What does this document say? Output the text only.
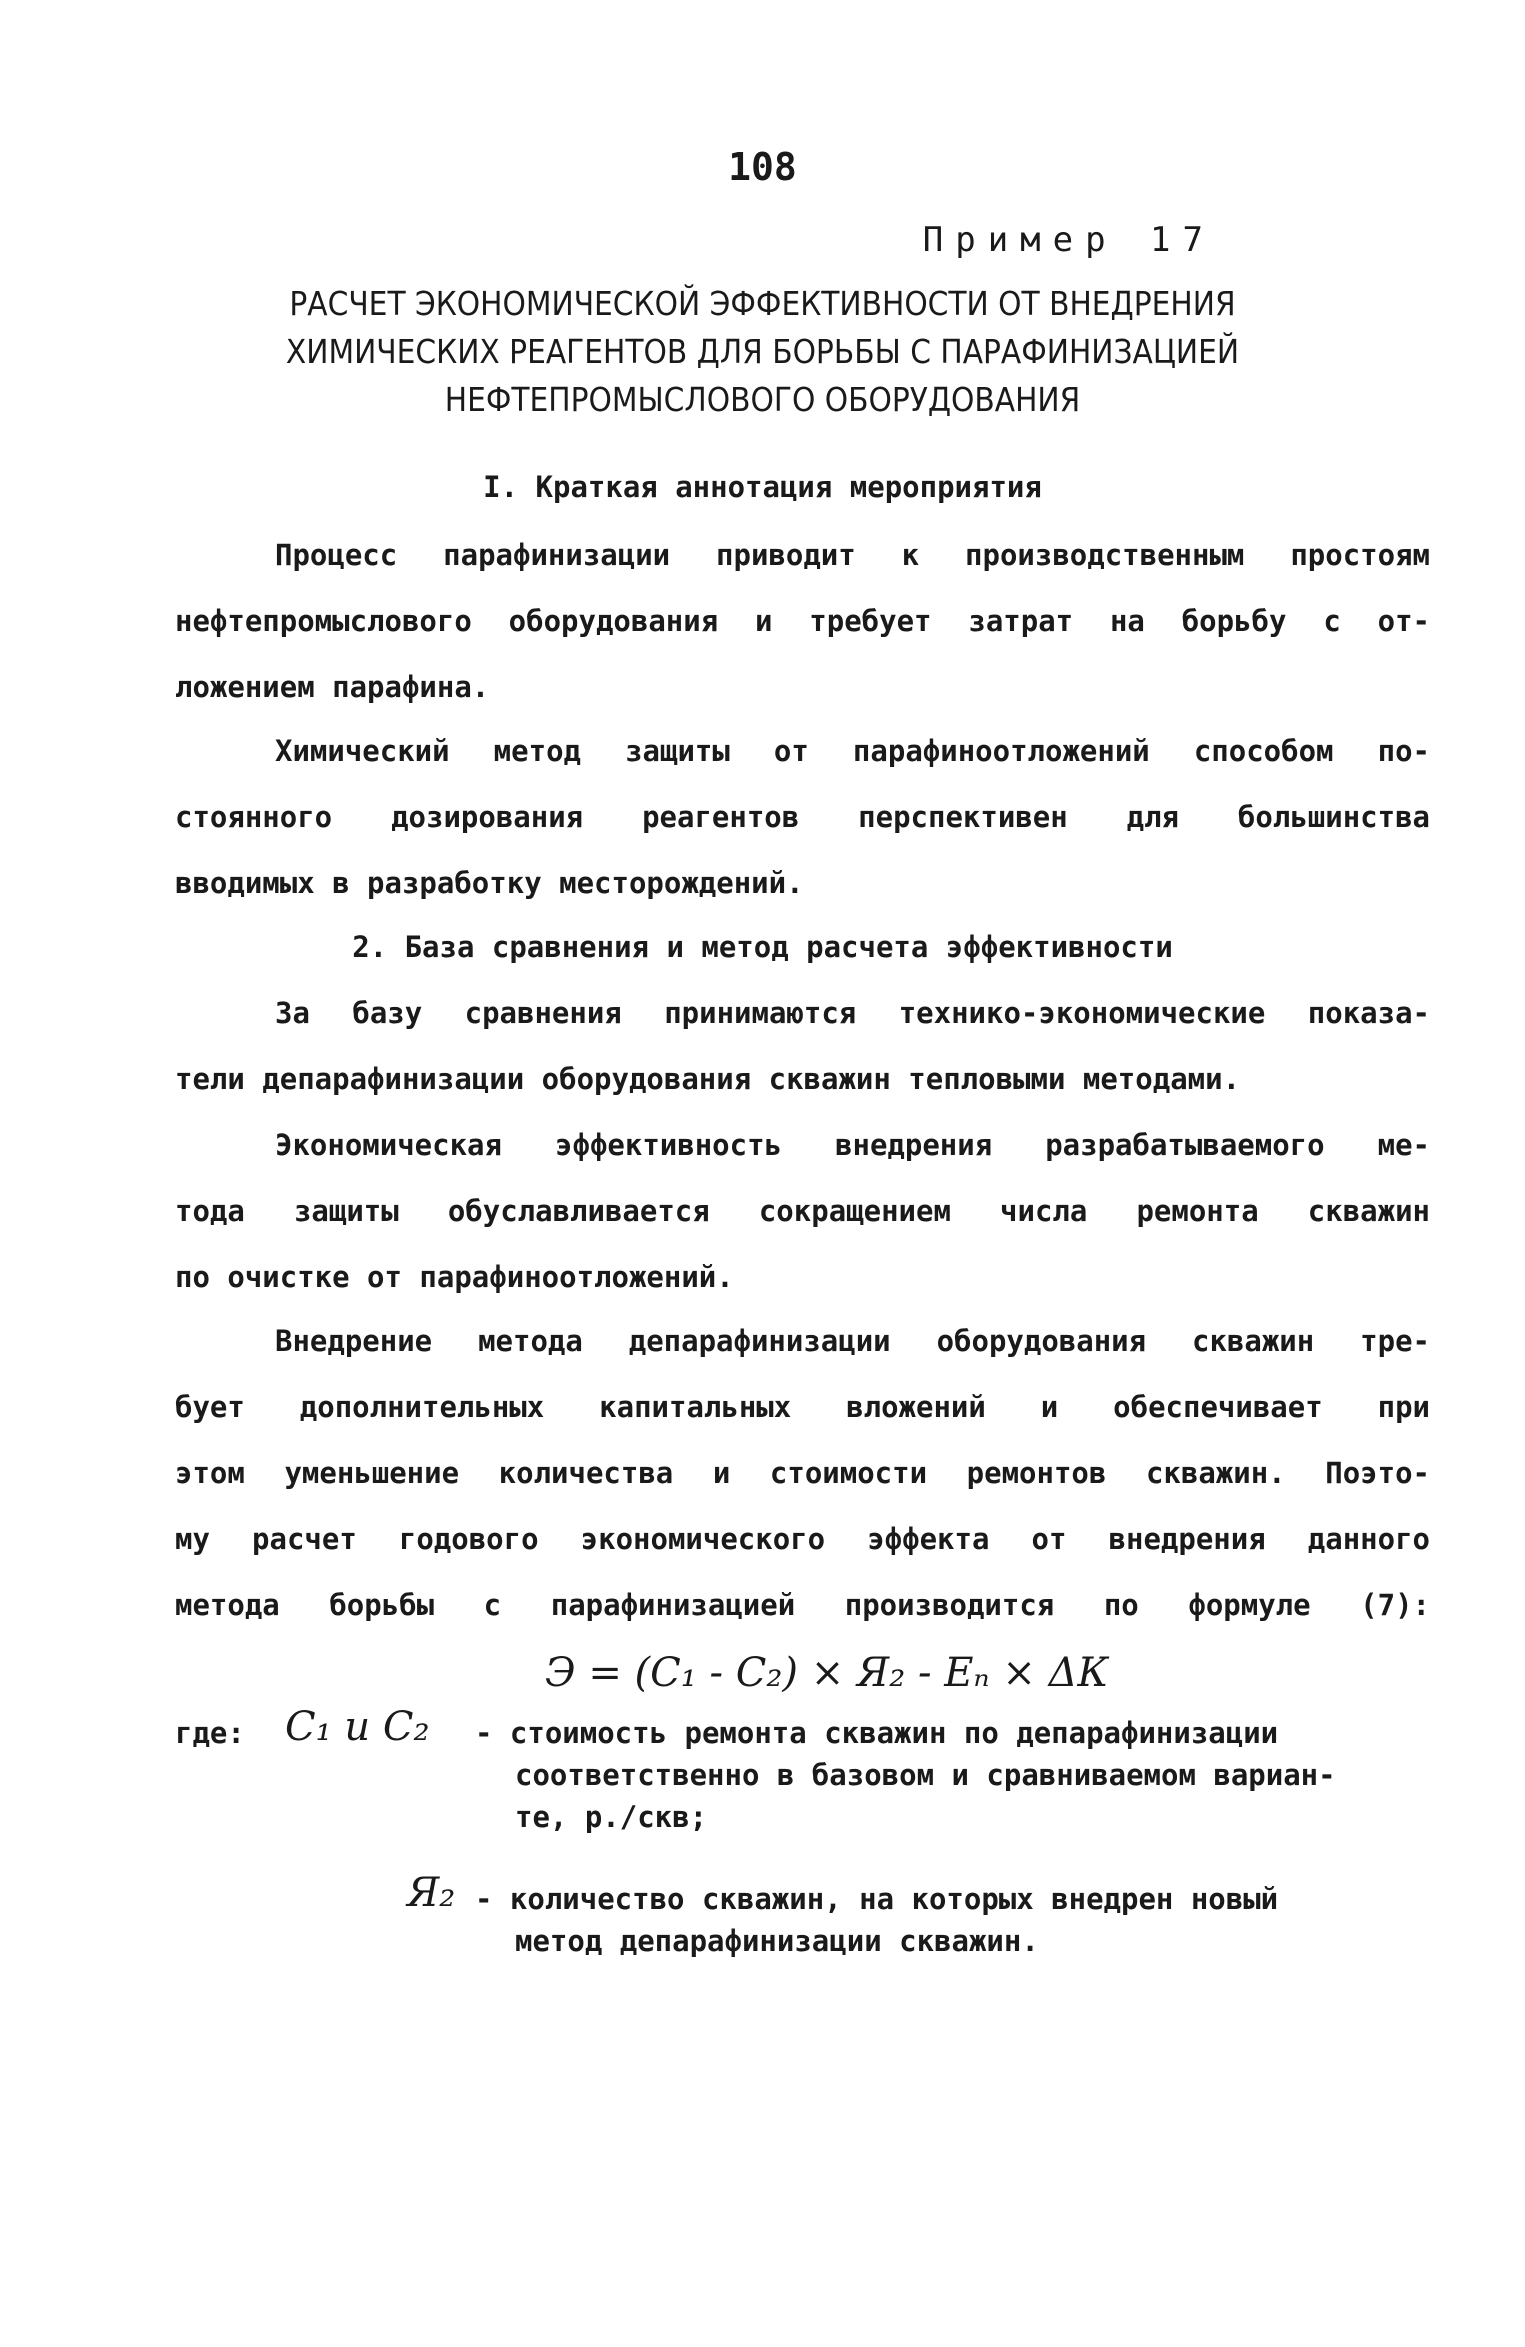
108
Пример 17
РАСЧЕТ ЭКОНОМИЧЕСКОЙ ЭФФЕКТИВНОСТИ ОТ ВНЕДРЕНИЯ
ХИМИЧЕСКИХ РЕАГЕНТОВ ДЛЯ БОРЬБЫ С ПАРАФИНИЗАЦИЕЙ
НЕФТЕПРОМЫСЛОВОГО ОБОРУДОВАНИЯ
I. Краткая аннотация мероприятия
Процесс парафинизации приводит к производственным простоям
нефтепромыслового оборудования и требует затрат на борьбу с от-
ложением парафина.
Химический метод защиты от парафиноотложений способом по-
стоянного дозирования реагентов перспективен для большинства
вводимых в разработку месторождений.
2. База сравнения и метод расчета эффективности
За базу сравнения принимаются технико-экономические показа-
тели депарафинизации оборудования скважин тепловыми методами.
Экономическая эффективность внедрения разрабатываемого ме-
тода защиты обуславливается сокращением числа ремонта скважин
по очистке от парафиноотложений.
Внедрение метода депарафинизации оборудования скважин тре-
бует дополнительных капитальных вложений и обеспечивает при
этом уменьшение количества и стоимости ремонтов скважин. Поэто-
му расчет годового экономического эффекта от внедрения данного
метода борьбы с парафинизацией производится по формуле (7):
Э = (С₁ - С₂) × Я₂ - Еₙ × ΔК
где: С₁ и С₂ - стоимость ремонта скважин по депарафинизации
соответственно в базовом и сравниваемом вариан-
те, р./скв;
Я₂ - количество скважин, на которых внедрен новый
метод депарафинизации скважин.
